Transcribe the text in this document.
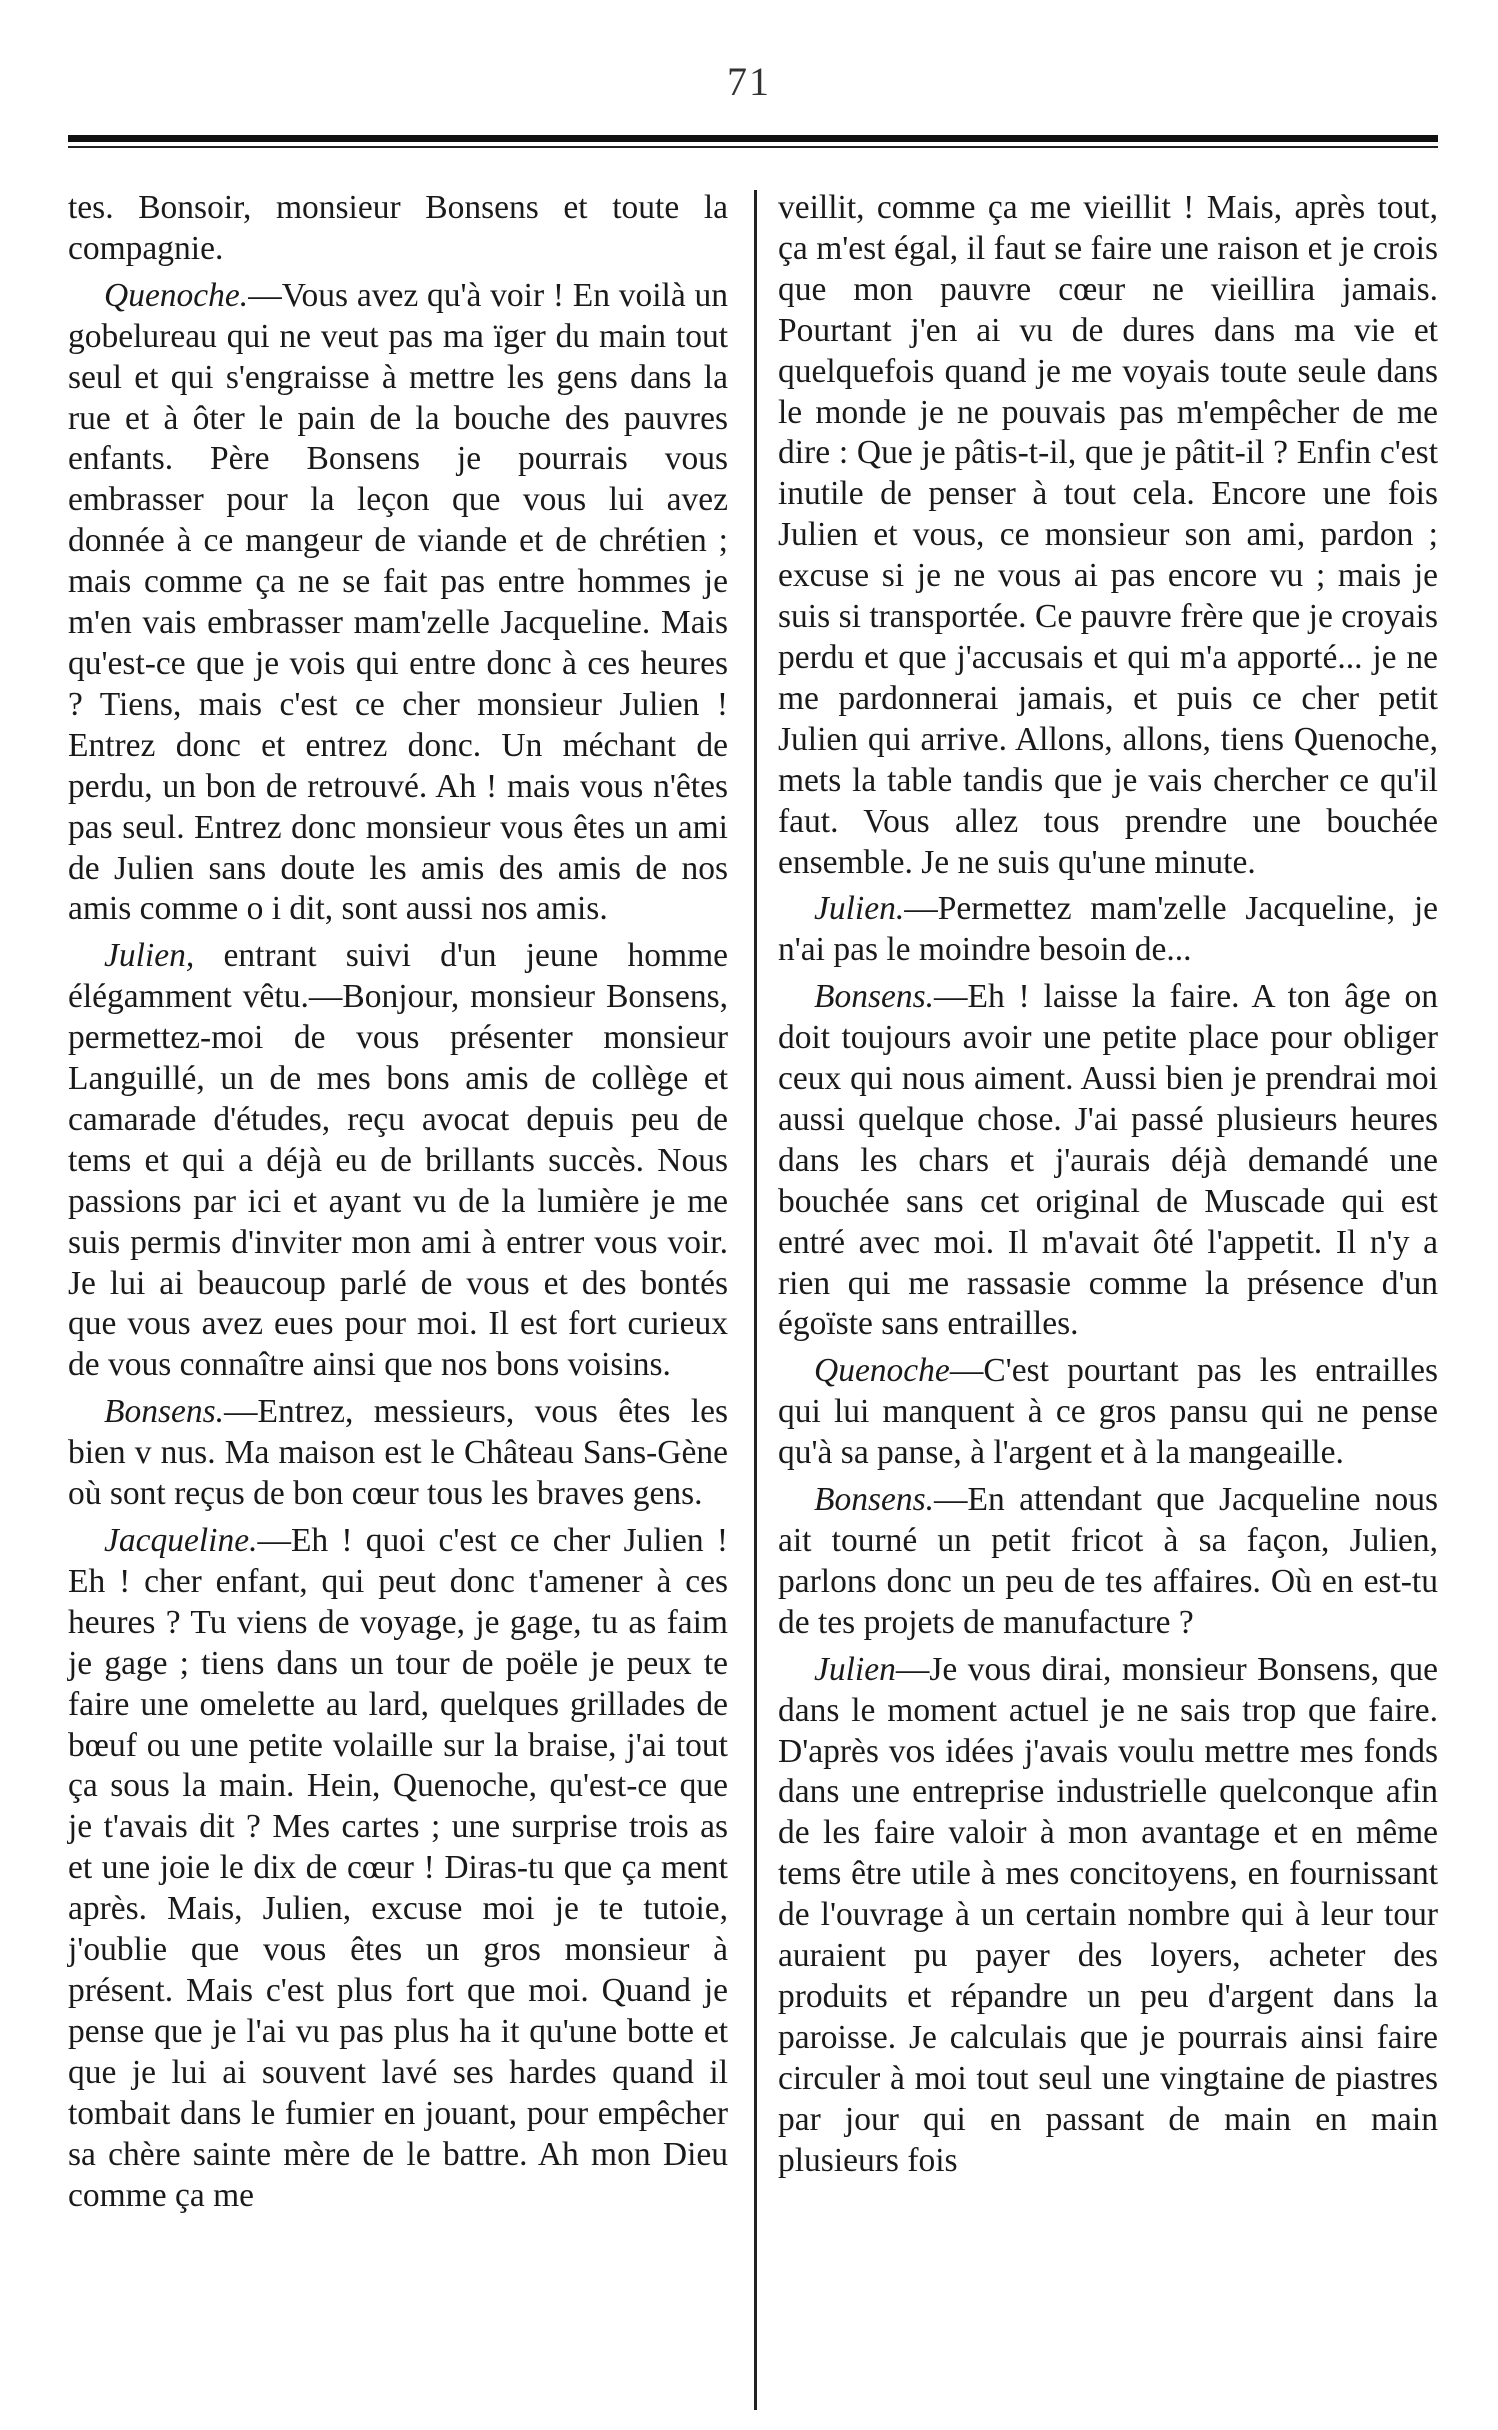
71

tes. Bonsoir, monsieur Bonsens et toute la compagnie.

Quenoche.—Vous avez qu'à voir ! En voilà un gobelureau qui ne veut pas ma ïger du main tout seul et qui s'engraisse à mettre les gens dans la rue et à ôter le pain de la bouche des pauvres enfants. Père Bonsens je pourrais vous embrasser pour la leçon que vous lui avez donnée à ce mangeur de viande et de chrétien ; mais comme ça ne se fait pas entre hommes je m'en vais embrasser mam'zelle Jacqueline. Mais qu'est-ce que je vois qui entre donc à ces heures ? Tiens, mais c'est ce cher monsieur Julien ! Entrez donc et entrez donc. Un méchant de perdu, un bon de retrouvé. Ah ! mais vous n'êtes pas seul. Entrez donc monsieur vous êtes un ami de Julien sans doute les amis des amis de nos amis comme o i dit, sont aussi nos amis.

Julien, entrant suivi d'un jeune homme élégamment vêtu.—Bonjour, monsieur Bonsens, permettez-moi de vous présenter monsieur Languillé, un de mes bons amis de collège et camarade d'études, reçu avocat depuis peu de tems et qui a déjà eu de brillants succès. Nous passions par ici et ayant vu de la lumière je me suis permis d'inviter mon ami à entrer vous voir. Je lui ai beaucoup parlé de vous et des bontés que vous avez eues pour moi. Il est fort curieux de vous connaître ainsi que nos bons voisins.

Bonsens.—Entrez, messieurs, vous êtes les bien v nus. Ma maison est le Château Sans-Gène où sont reçus de bon cœur tous les braves gens.

Jacqueline.—Eh ! quoi c'est ce cher Julien ! Eh ! cher enfant, qui peut donc t'amener à ces heures ? Tu viens de voyage, je gage, tu as faim je gage ; tiens dans un tour de poële je peux te faire une omelette au lard, quelques grillades de bœuf ou une petite volaille sur la braise, j'ai tout ça sous la main. Hein, Quenoche, qu'est-ce que je t'avais dit ? Mes cartes ; une surprise trois as et une joie le dix de cœur ! Diras-tu que ça ment après. Mais, Julien, excuse moi je te tutoie, j'oublie que vous êtes un gros monsieur à présent. Mais c'est plus fort que moi. Quand je pense que je l'ai vu pas plus ha it qu'une botte et que je lui ai souvent lavé ses hardes quand il tombait dans le fumier en jouant, pour empêcher sa chère sainte mère de le battre. Ah mon Dieu comme ça me

veillit, comme ça me vieillit ! Mais, après tout, ça m'est égal, il faut se faire une raison et je crois que mon pauvre cœur ne vieillira jamais. Pourtant j'en ai vu de dures dans ma vie et quelquefois quand je me voyais toute seule dans le monde je ne pouvais pas m'empêcher de me dire : Que je pâtis-t-il, que je pâtit-il ? Enfin c'est inutile de penser à tout cela. Encore une fois Julien et vous, ce monsieur son ami, pardon ; excuse si je ne vous ai pas encore vu ; mais je suis si transportée. Ce pauvre frère que je croyais perdu et que j'accusais et qui m'a apporté... je ne me pardonnerai jamais, et puis ce cher petit Julien qui arrive. Allons, allons, tiens Quenoche, mets la table tandis que je vais chercher ce qu'il faut. Vous allez tous prendre une bouchée ensemble. Je ne suis qu'une minute.

Julien.—Permettez mam'zelle Jacqueline, je n'ai pas le moindre besoin de...

Bonsens.—Eh ! laisse la faire. A ton âge on doit toujours avoir une petite place pour obliger ceux qui nous aiment. Aussi bien je prendrai moi aussi quelque chose. J'ai passé plusieurs heures dans les chars et j'aurais déjà demandé une bouchée sans cet original de Muscade qui est entré avec moi. Il m'avait ôté l'appetit. Il n'y a rien qui me rassasie comme la présence d'un égoïste sans entrailles.

Quenoche—C'est pourtant pas les entrailles qui lui manquent à ce gros pansu qui ne pense qu'à sa panse, à l'argent et à la mangeaille.

Bonsens.—En attendant que Jacqueline nous ait tourné un petit fricot à sa façon, Julien, parlons donc un peu de tes affaires. Où en est-tu de tes projets de manufacture ?

Julien—Je vous dirai, monsieur Bonsens, que dans le moment actuel je ne sais trop que faire. D'après vos idées j'avais voulu mettre mes fonds dans une entreprise industrielle quelconque afin de les faire valoir à mon avantage et en même tems être utile à mes concitoyens, en fournissant de l'ouvrage à un certain nombre qui à leur tour auraient pu payer des loyers, acheter des produits et répandre un peu d'argent dans la paroisse. Je calculais que je pourrais ainsi faire circuler à moi tout seul une vingtaine de piastres par jour qui en passant de main en main plusieurs fois
